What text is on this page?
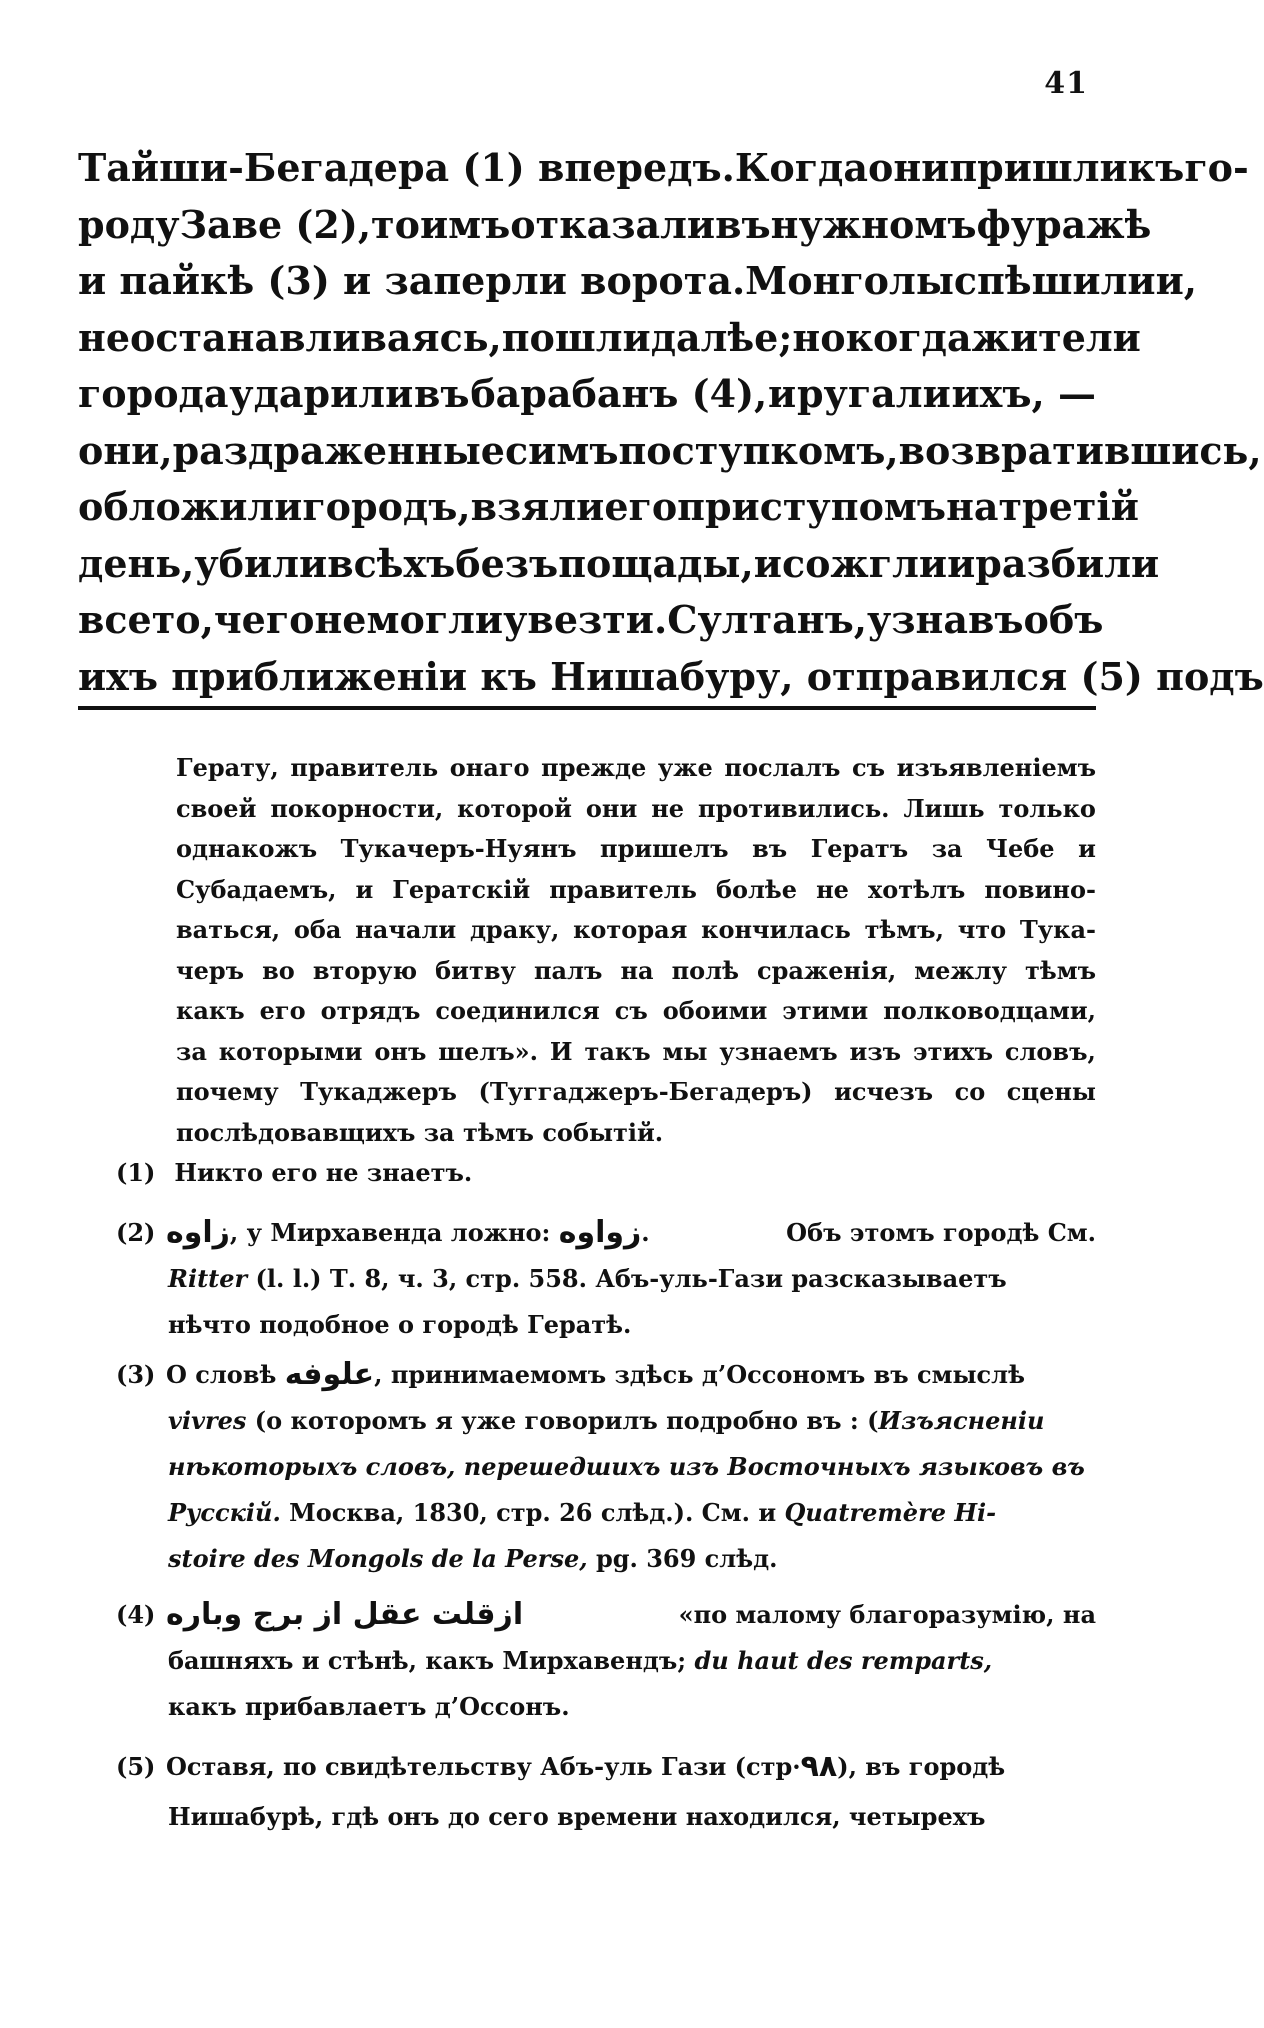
41
Тайши-Бегадера (1) впередъ. Когда они пришли къ го-
роду Заве (2), то имъ отказали въ нужномъ фуражѣ
и пайкѣ (3) и заперли ворота. Монголы спѣшили и,
не останавливаясь, пошли далѣе; но когда жители
города ударили въ барабанъ (4), и ругали ихъ, —
они, раздраженные симъ поступкомъ, возвратившись,
обложили городъ, взяли его приступомъ на третій
день, убили всѣхъ безъ пощады, и сожгли и разбили
все то, чего не могли увезти. Султанъ, узнавъ объ
ихъ
приближеніи
къ
Нишабуру,
отправился
(5)
подъ
Герату, правитель онаго прежде уже послалъ съ изъявленіемъ
своей покорности, которой они не противились. Лишь только
однакожъ Тукачеръ-Нуянъ пришелъ въ Гератъ за Чебе и
Субадаемъ, и Гератскій правитель болѣе не хотѣлъ повино-
ваться, оба начали драку, которая кончилась тѣмъ, что Тука-
черъ во вторую битву палъ на полѣ сраженія, межлу тѣмъ
какъ его отрядъ соединился съ обоими этими полководцами,
за которыми онъ шелъ». И такъ мы узнаемъ изъ этихъ словъ,
почему Тукаджеръ (Туггаджеръ-Бегадеръ) исчезъ со сцены
послѣдовавщихъ за тѣмъ событій.
(1) Никто его не знаетъ.
(2) زاوه , у Мирхавенда ложно:
زواوه .	Объ этомъ городѣ См.
Ritter (l. l.) Т. 8, ч. 3, стр. 558. Абъ-уль-Гази разсказываетъ
нѣчто подобное о городѣ Гератѣ.
(3) О словѣ
علوفه , принимаемомъ здѣсь д’Оссономъ въ смыслѣ
vivres (о которомъ я уже говорилъ подробно въ : (Изъясненіи
нѣкоторыхъ словъ, перешедшихъ изъ Восточныхъ языковъ въ
Русскій. Москва, 1830, стр. 26 слѣд.). См. и Quatremère Hi-
stoire des Mongols de la Perse, pg. 369 слѣд.
(4) ازقلت عقل از برج وباره
	«по малому благоразумію, на
башняхъ и стѣнѣ, какъ Мирхавендъ; du haut des remparts,
какъ прибавлаетъ д’Оссонъ.
(5) Оставя, по свидѣтельству Абъ-уль Гази (стр· ٩٨ ), въ городѣ
Нишабурѣ, гдѣ онъ до сего времени находился, четырехъ
